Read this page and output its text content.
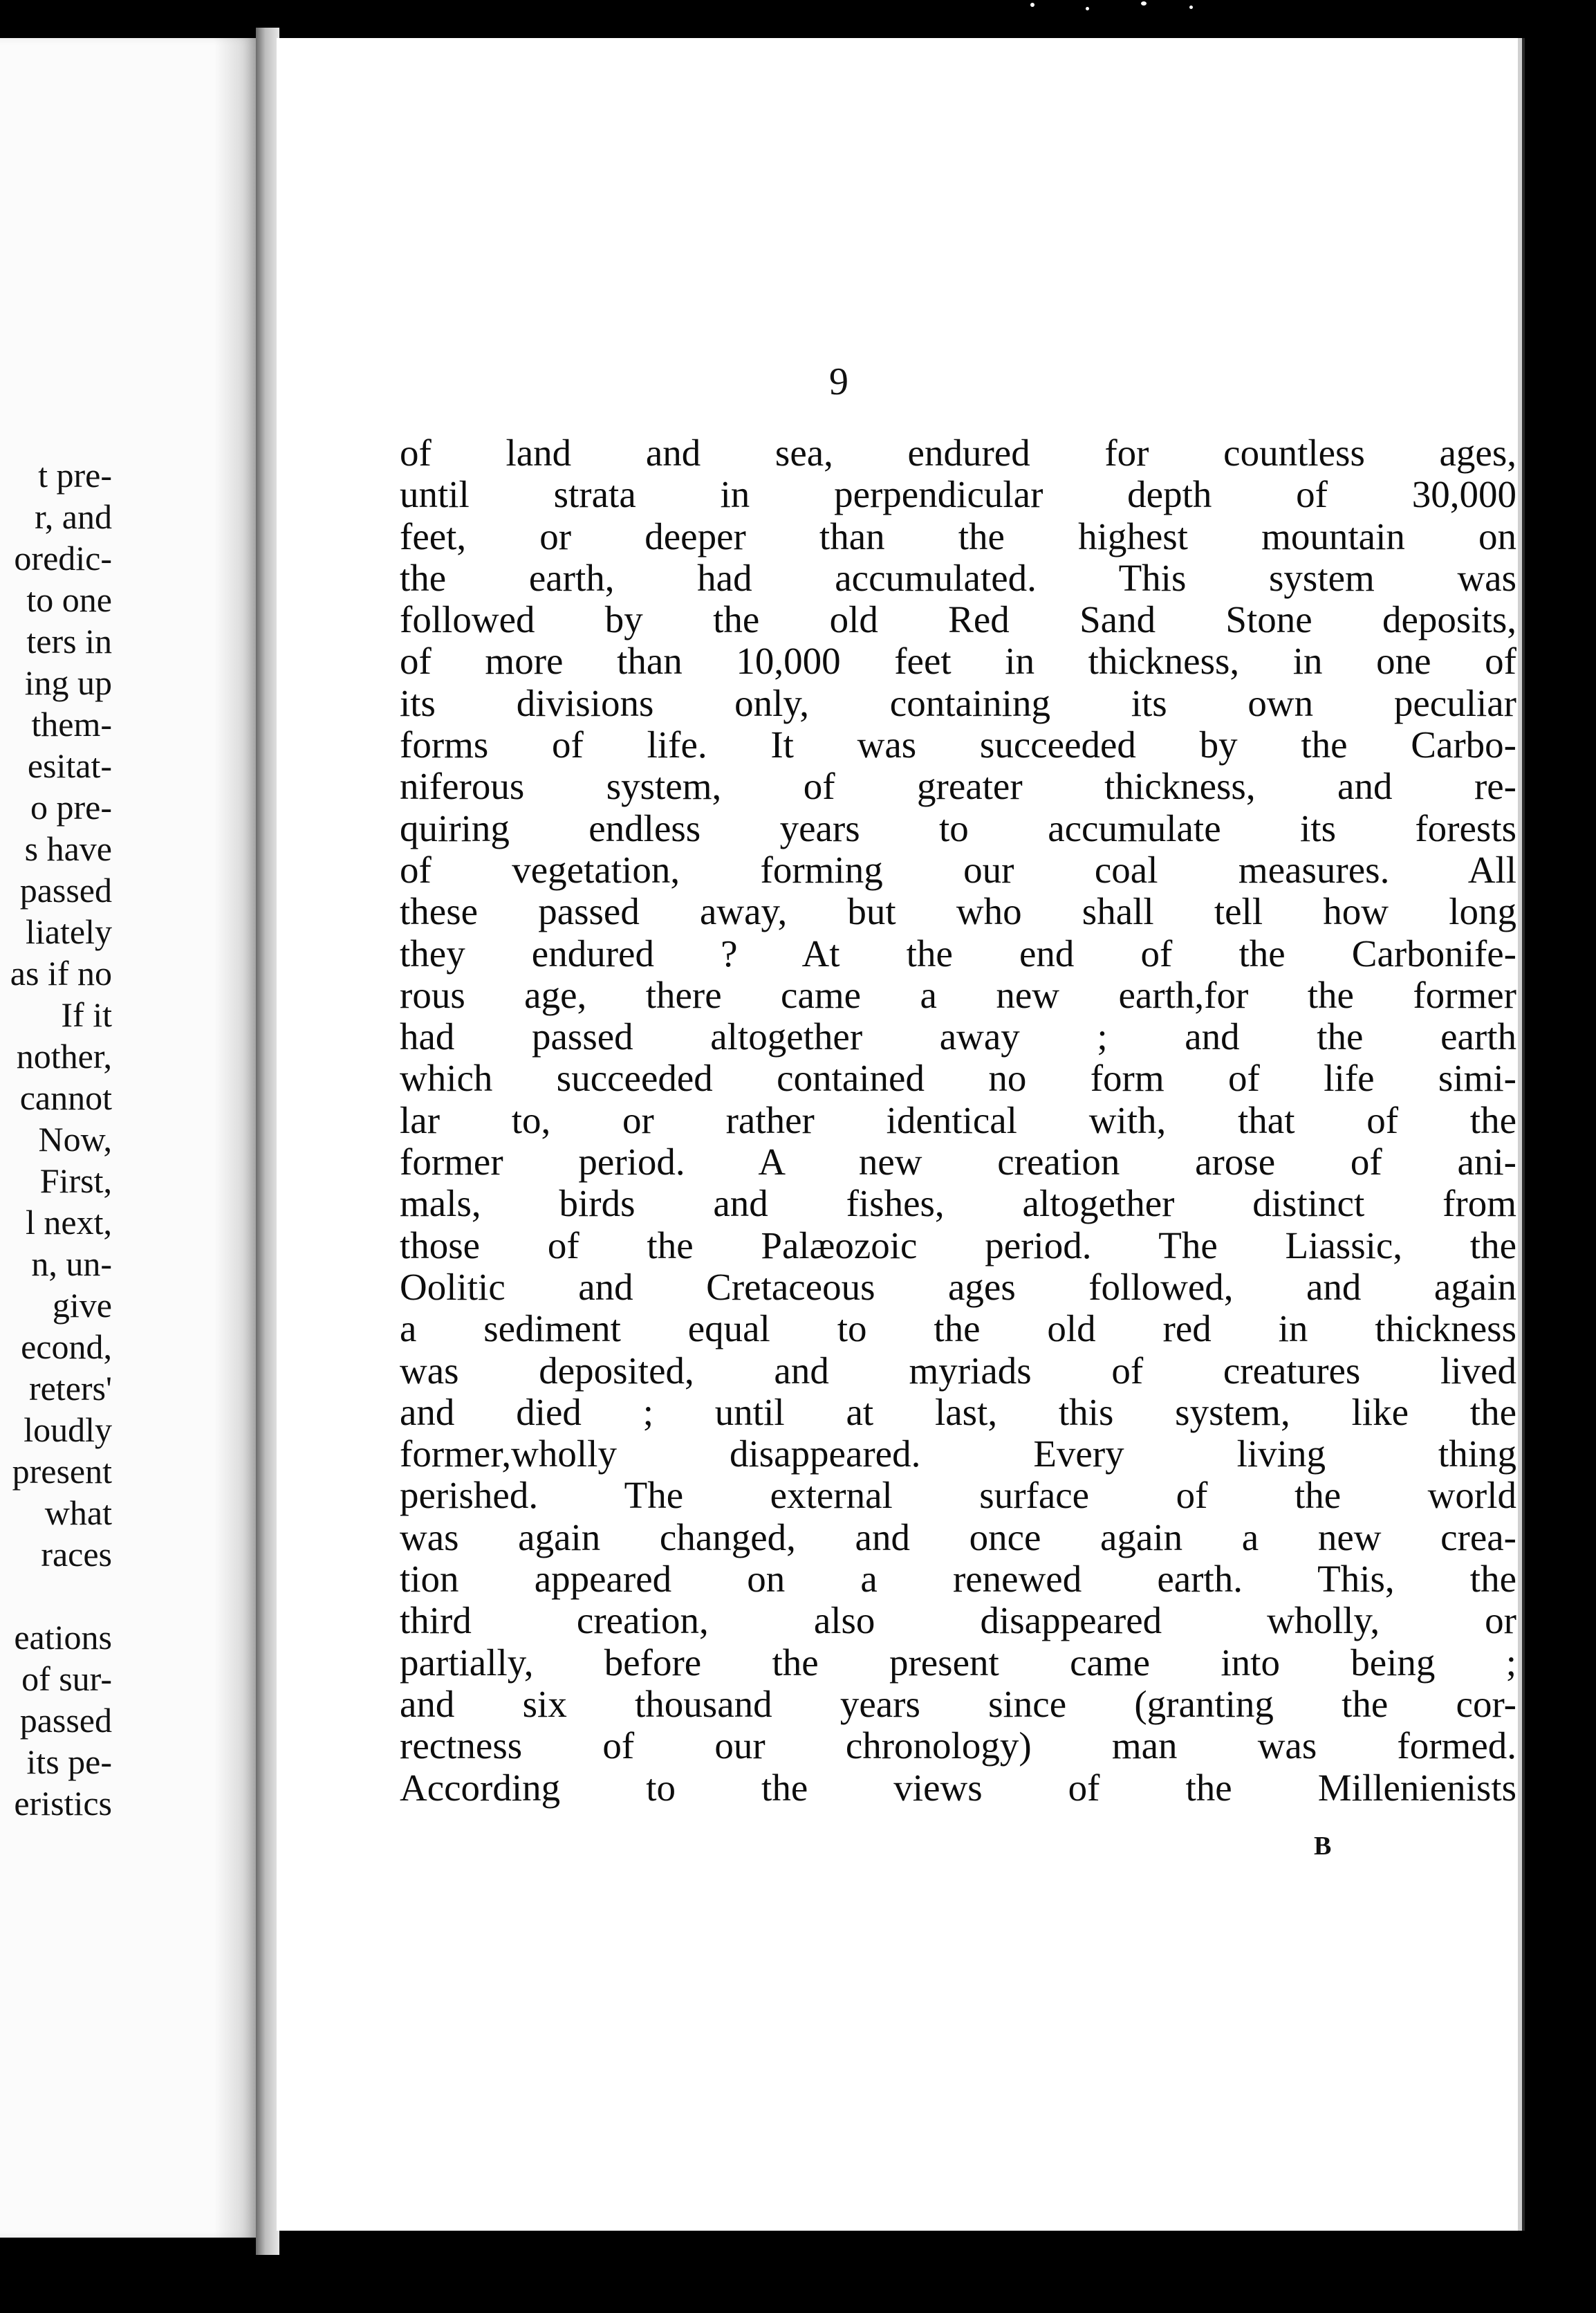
t pre-
r, and
oredic-
to one
ters in
ing up
them-
esitat-
o pre-
s have
passed
liately
as if no
If it
nother,
cannot
Now,
First,
l next,
n, un-
give
econd,
reters'
loudly
present
what
races
eations
of sur-
passed
its pe-
eristics
9
of land and sea, endured for countless ages,
until strata in perpendicular depth of 30,000
feet, or deeper than the highest mountain on
the earth, had accumulated. This system was
followed by the old Red Sand Stone deposits,
of more than 10,000 feet in thickness, in one of
its divisions only, containing its own peculiar
forms of life. It was succeeded by the Carbo-
niferous system, of greater thickness, and re-
quiring endless years to accumulate its forests
of vegetation, forming our coal measures. All
these passed away, but who shall tell how long
they endured ? At the end of the Carbonife-
rous age, there came a new earth,for the former
had passed altogether away ; and the earth
which succeeded contained no form of life simi-
lar to, or rather identical with, that of the
former period. A new creation arose of ani-
mals, birds and fishes, altogether distinct from
those of the Palæozoic period. The Liassic, the
Oolitic and Cretaceous ages followed, and again
a sediment equal to the old red in thickness
was deposited, and myriads of creatures lived
and died ; until at last, this system, like the
former,wholly disappeared. Every living thing
perished. The external surface of the world
was again changed, and once again a new crea-
tion appeared on a renewed earth. This, the
third creation, also disappeared wholly, or
partially, before the present came into being ;
and six thousand years since (granting the cor-
rectness of our chronology) man was formed.
According to the views of the Millenienists
B
